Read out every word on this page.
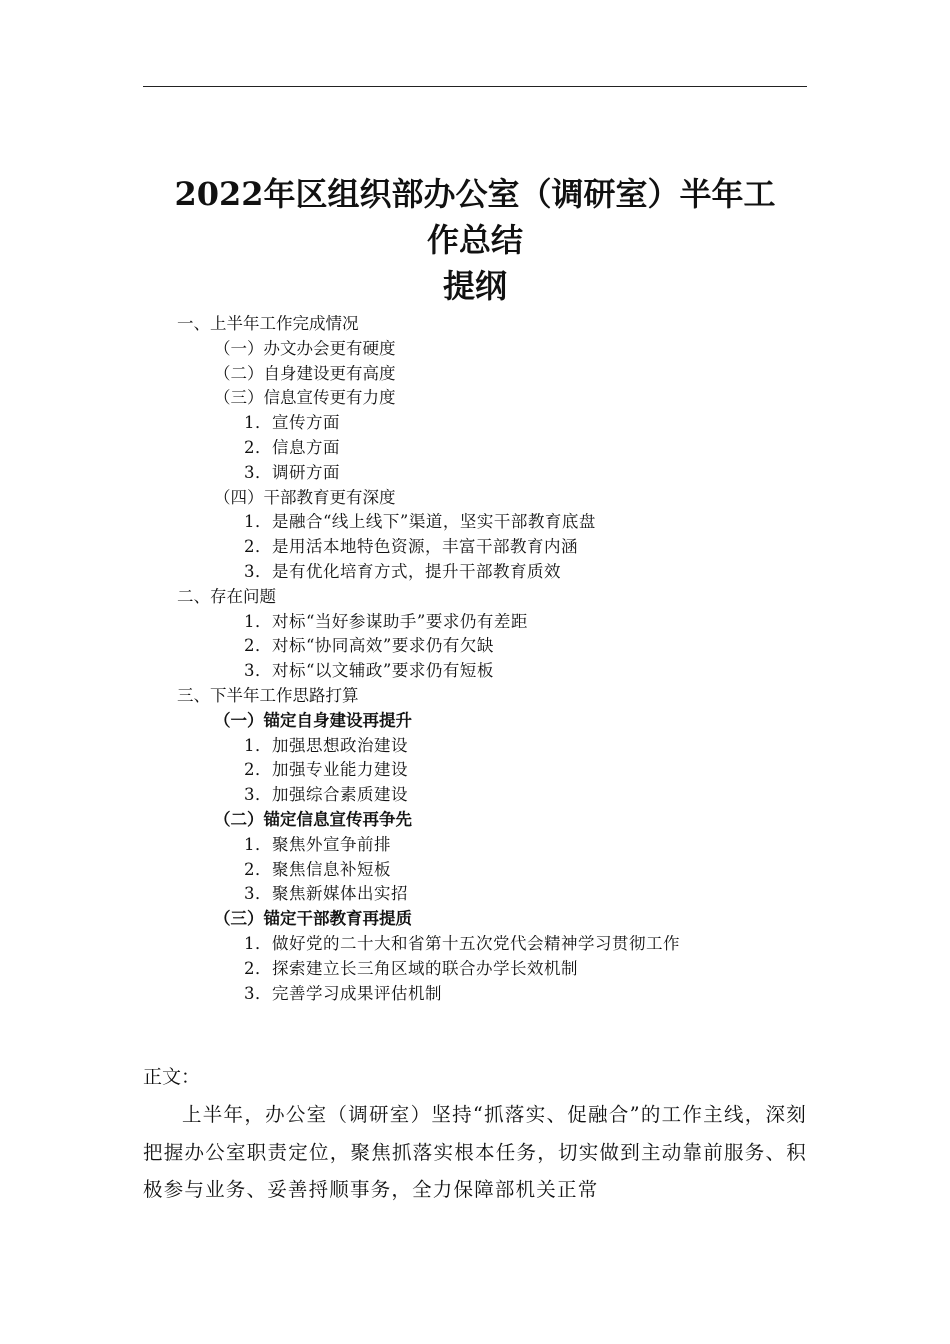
2022年区组织部办公室（调研室）半年工
作总结
提纲
一、上半年工作完成情况
（一）办文办会更有硬度
（二）自身建设更有高度
（三）信息宣传更有力度
1．宣传方面
2．信息方面
3．调研方面
（四）干部教育更有深度
1．是融合“线上线下”渠道，坚实干部教育底盘
2．是用活本地特色资源，丰富干部教育内涵
3．是有优化培育方式，提升干部教育质效
二、存在问题
1．对标“当好参谋助手”要求仍有差距
2．对标“协同高效”要求仍有欠缺
3．对标“以文辅政”要求仍有短板
三、下半年工作思路打算
（一）锚定自身建设再提升
1．加强思想政治建设
2．加强专业能力建设
3．加强综合素质建设
（二）锚定信息宣传再争先
1．聚焦外宣争前排
2．聚焦信息补短板
3．聚焦新媒体出实招
（三）锚定干部教育再提质
1．做好党的二十大和省第十五次党代会精神学习贯彻工作
2．探索建立长三角区域的联合办学长效机制
3．完善学习成果评估机制
正文：

上半年，办公室（调研室）坚持“抓落实、促融合”的工作主线，深刻把握办公室职责定位，聚焦抓落实根本任务，切实做到主动靠前服务、积极参与业务、妥善捋顺事务，全力保障部机关正常
